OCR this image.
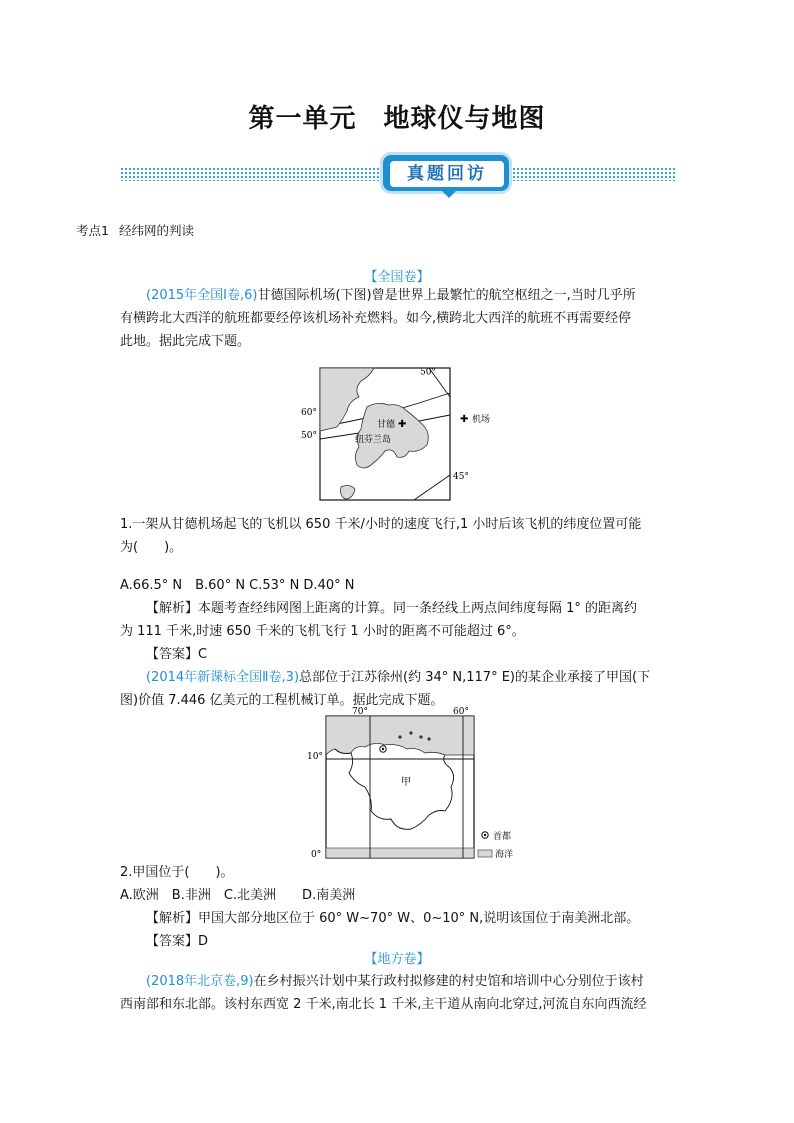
第一单元　地球仪与地图
真题回访
考点1 经纬网的判读
【全国卷】
(2015年全国Ⅰ卷,6)甘德国际机场(下图)曾是世界上最繁忙的航空枢纽之一,当时几乎所
有横跨北大西洋的航班都要经停该机场补充燃料。如今,横跨北大西洋的航班不再需要经停
此地。据此完成下题。
甘德 ✚
纽芬兰岛
50°
60°
50°
45°
✚ 机场
1.一架从甘德机场起飞的飞机以 650 千米/小时的速度飞行,1 小时后该飞机的纬度位置可能
为(　　)。
A.66.5° N　B.60° N C.53° N D.40° N
【解析】本题考查经纬网图上距离的计算。同一条经线上两点间纬度每隔 1° 的距离约
为 111 千米,时速 650 千米的飞机飞行 1 小时的距离不可能超过 6°。
【答案】C
(2014年新课标全国Ⅱ卷,3)总部位于江苏徐州(约 34° N,117° E)的某企业承接了甲国(下
图)价值 7.446 亿美元的工程机械订单。据此完成下题。
甲
70°	60°
10°
0°
首都
海洋
2.甲国位于(　　)。
A.欧洲　B.非洲　C.北美洲　　D.南美洲
【解析】甲国大部分地区位于 60° W~70° W、0~10° N,说明该国位于南美洲北部。
【答案】D
【地方卷】
(2018年北京卷,9)在乡村振兴计划中某行政村拟修建的村史馆和培训中心分别位于该村
西南部和东北部。该村东西宽 2 千米,南北长 1 千米,主干道从南向北穿过,河流自东向西流经
